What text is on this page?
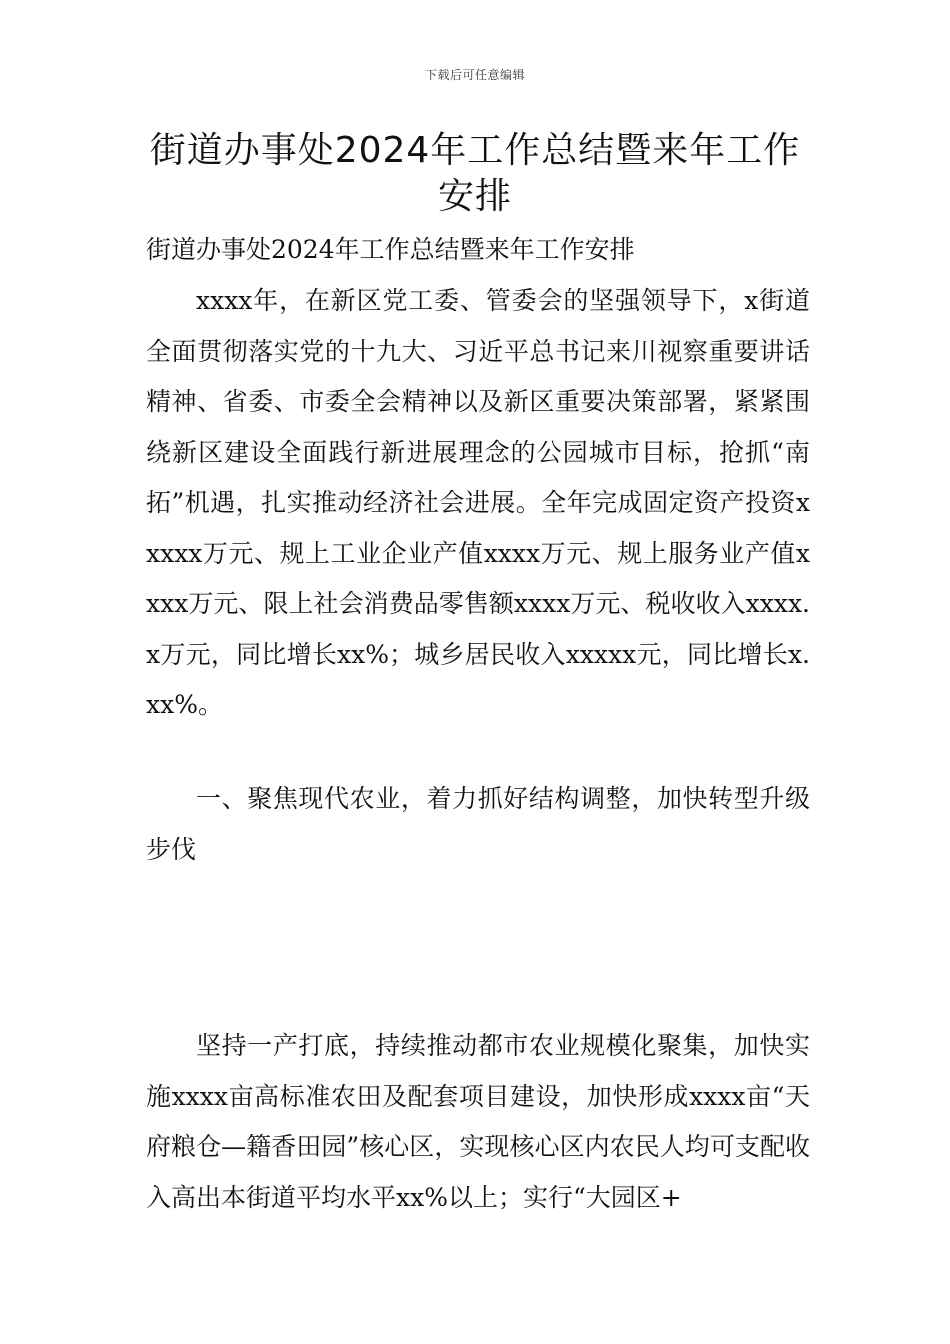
下载后可任意编辑
街道办事处2024年工作总结暨来年工作安排
街道办事处2024年工作总结暨来年工作安排

xxxx年，在新区党工委、管委会的坚强领导下，x街道全面贯彻落实党的十九大、习近平总书记来川视察重要讲话精神、省委、市委全会精神以及新区重要决策部署，紧紧围绕新区建设全面践行新进展理念的公园城市目标，抢抓“南拓”机遇，扎实推动经济社会进展。全年完成固定资产投资xxxxx万元、规上工业企业产值xxxx万元、规上服务业产值xxxx万元、限上社会消费品零售额xxxx万元、税收收入xxxx.x万元，同比增长xx%；城乡居民收入xxxxx元，同比增长x.xx%。

一、聚焦现代农业，着力抓好结构调整，加快转型升级步伐

坚持一产打底，持续推动都市农业规模化聚集，加快实施xxxx亩高标准农田及配套项目建设，加快形成xxxx亩“天府粮仓—籍香田园”核心区，实现核心区内农民人均可支配收入高出本街道平均水平xx%以上；实行“大园区+
